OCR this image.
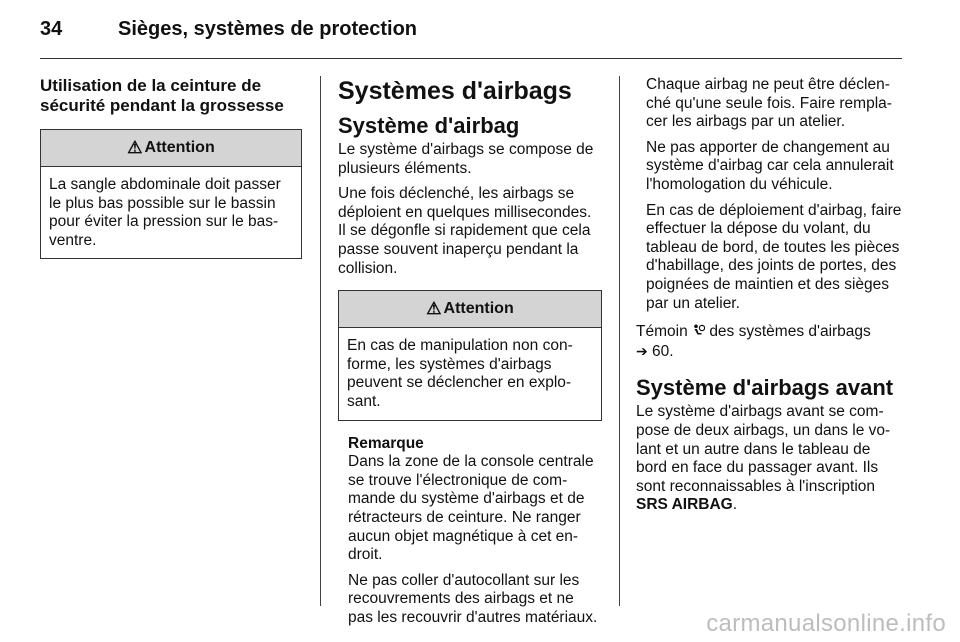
34	Sièges, systèmes de protection
Utilisation de la ceinture de
sécurité pendant la grossesse
⚠ Attention
La sangle abdominale doit passer le plus bas possible sur le bassin pour éviter la pression sur le basventre.
Systèmes d'airbags
Système d'airbag

Le système d'airbags se compose de plusieurs éléments.

Une fois déclenché, les airbags se déploient en quelques millisecondes. Il se dégonfle si rapidement que cela passe souvent inaperçu pendant la collision.

⚠ Attention
En cas de manipulation non conforme, les systèmes d'airbags peuvent se déclencher en explosant.
Remarque

Dans la zone de la console centrale se trouve l'électronique de commande du système d'airbags et de rétracteurs de ceinture. Ne ranger aucun objet magnétique à cet endroit.

Ne pas coller d'autocollant sur les recouvrements des airbags et ne pas les recouvrir d'autres matériaux.

Chaque airbag ne peut être déclenché qu'une seule fois. Faire remplacer les airbags par un atelier.

Ne pas apporter de changement au système d'airbag car cela annulerait l'homologation du véhicule.

En cas de déploiement d'airbag, faire effectuer la dépose du volant, du tableau de bord, de toutes les pièces d'habillage, des joints de portes, des poignées de maintien et des sièges par un atelier.

Témoin des systèmes d'airbags
➔ 60.

Système d'airbags avant

Le système d'airbags avant se compose de deux airbags, un dans le volant et un autre dans le tableau de bord en face du passager avant. Ils sont reconnaissables à l'inscription SRS AIRBAG.

carmanualsonline.info
